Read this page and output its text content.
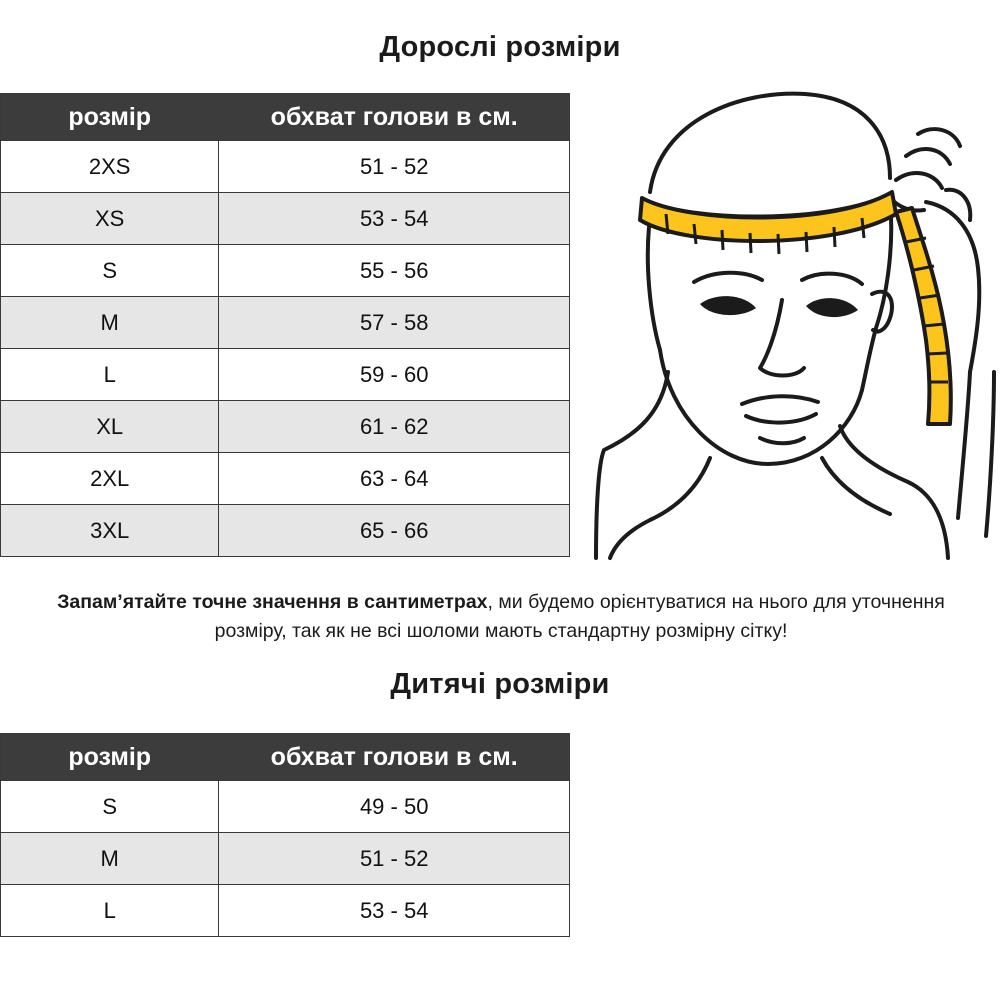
Дорослі розміри
розмір	обхват голови в см.
2XS	51 - 52
XS	53 - 54
S	55 - 56
M	57 - 58
L	59 - 60
XL	61 - 62
2XL	63 - 64
3XL	65 - 66
Запам’ятайте точне значення в сантиметрах, ми будемо орієнтуватися на нього для уточнення розміру, так як не всі шоломи мають стандартну розмірну сітку!
Дитячі розміри
розмір	обхват голови в см.
S	49 - 50
M	51 - 52
L	53 - 54
